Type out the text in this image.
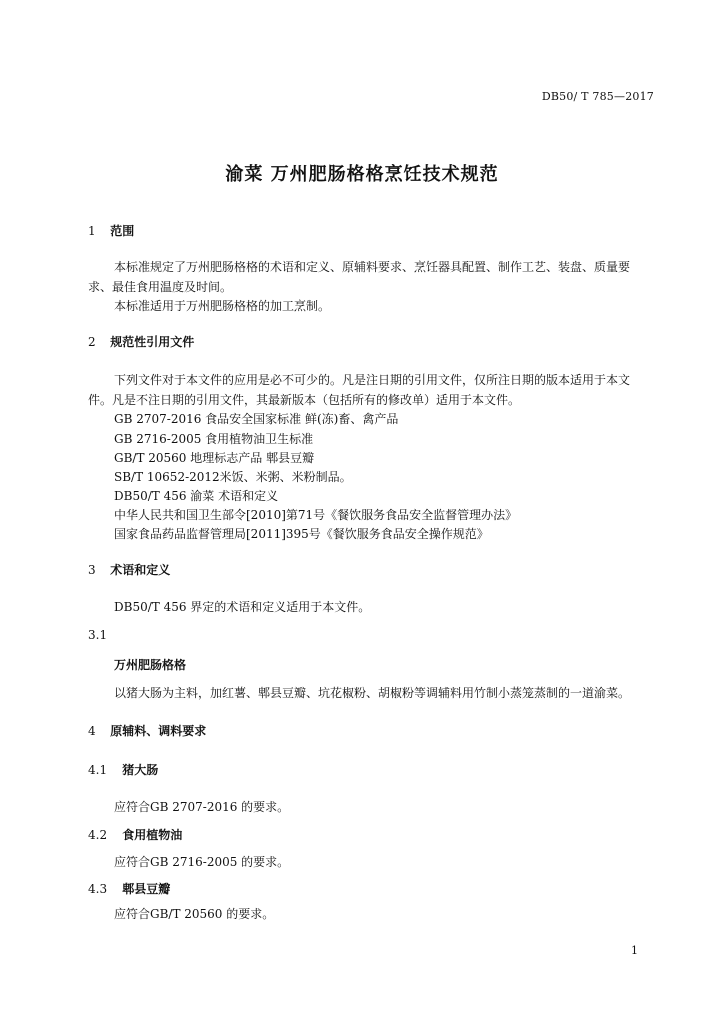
DB50/ T 785—2017
渝菜 万州肥肠格格烹饪技术规范
1 范围
本标准规定了万州肥肠格格的术语和定义、原辅料要求、烹饪器具配置、制作工艺、装盘、质量要
求、最佳食用温度及时间。
本标准适用于万州肥肠格格的加工烹制。
2 规范性引用文件
下列文件对于本文件的应用是必不可少的。凡是注日期的引用文件，仅所注日期的版本适用于本文
件。凡是不注日期的引用文件，其最新版本（包括所有的修改单）适用于本文件。
GB 2707-2016 食品安全国家标准 鲜(冻)畜、禽产品
GB 2716-2005 食用植物油卫生标准
GB/T 20560 地理标志产品 郫县豆瓣
SB/T 10652-2012米饭、米粥、米粉制品。
DB50/T 456 渝菜 术语和定义
中华人民共和国卫生部令[2010]第71号《餐饮服务食品安全监督管理办法》
国家食品药品监督管理局[2011]395号《餐饮服务食品安全操作规范》
3 术语和定义
DB50/T 456 界定的术语和定义适用于本文件。
3.1
万州肥肠格格
以猪大肠为主料，加红薯、郫县豆瓣、坑花椒粉、胡椒粉等调辅料用竹制小蒸笼蒸制的一道渝菜。
4 原辅料、调料要求
4.1 猪大肠
应符合GB 2707-2016 的要求。
4.2 食用植物油
应符合GB 2716-2005 的要求。
4.3 郫县豆瓣
应符合GB/T 20560 的要求。
1
